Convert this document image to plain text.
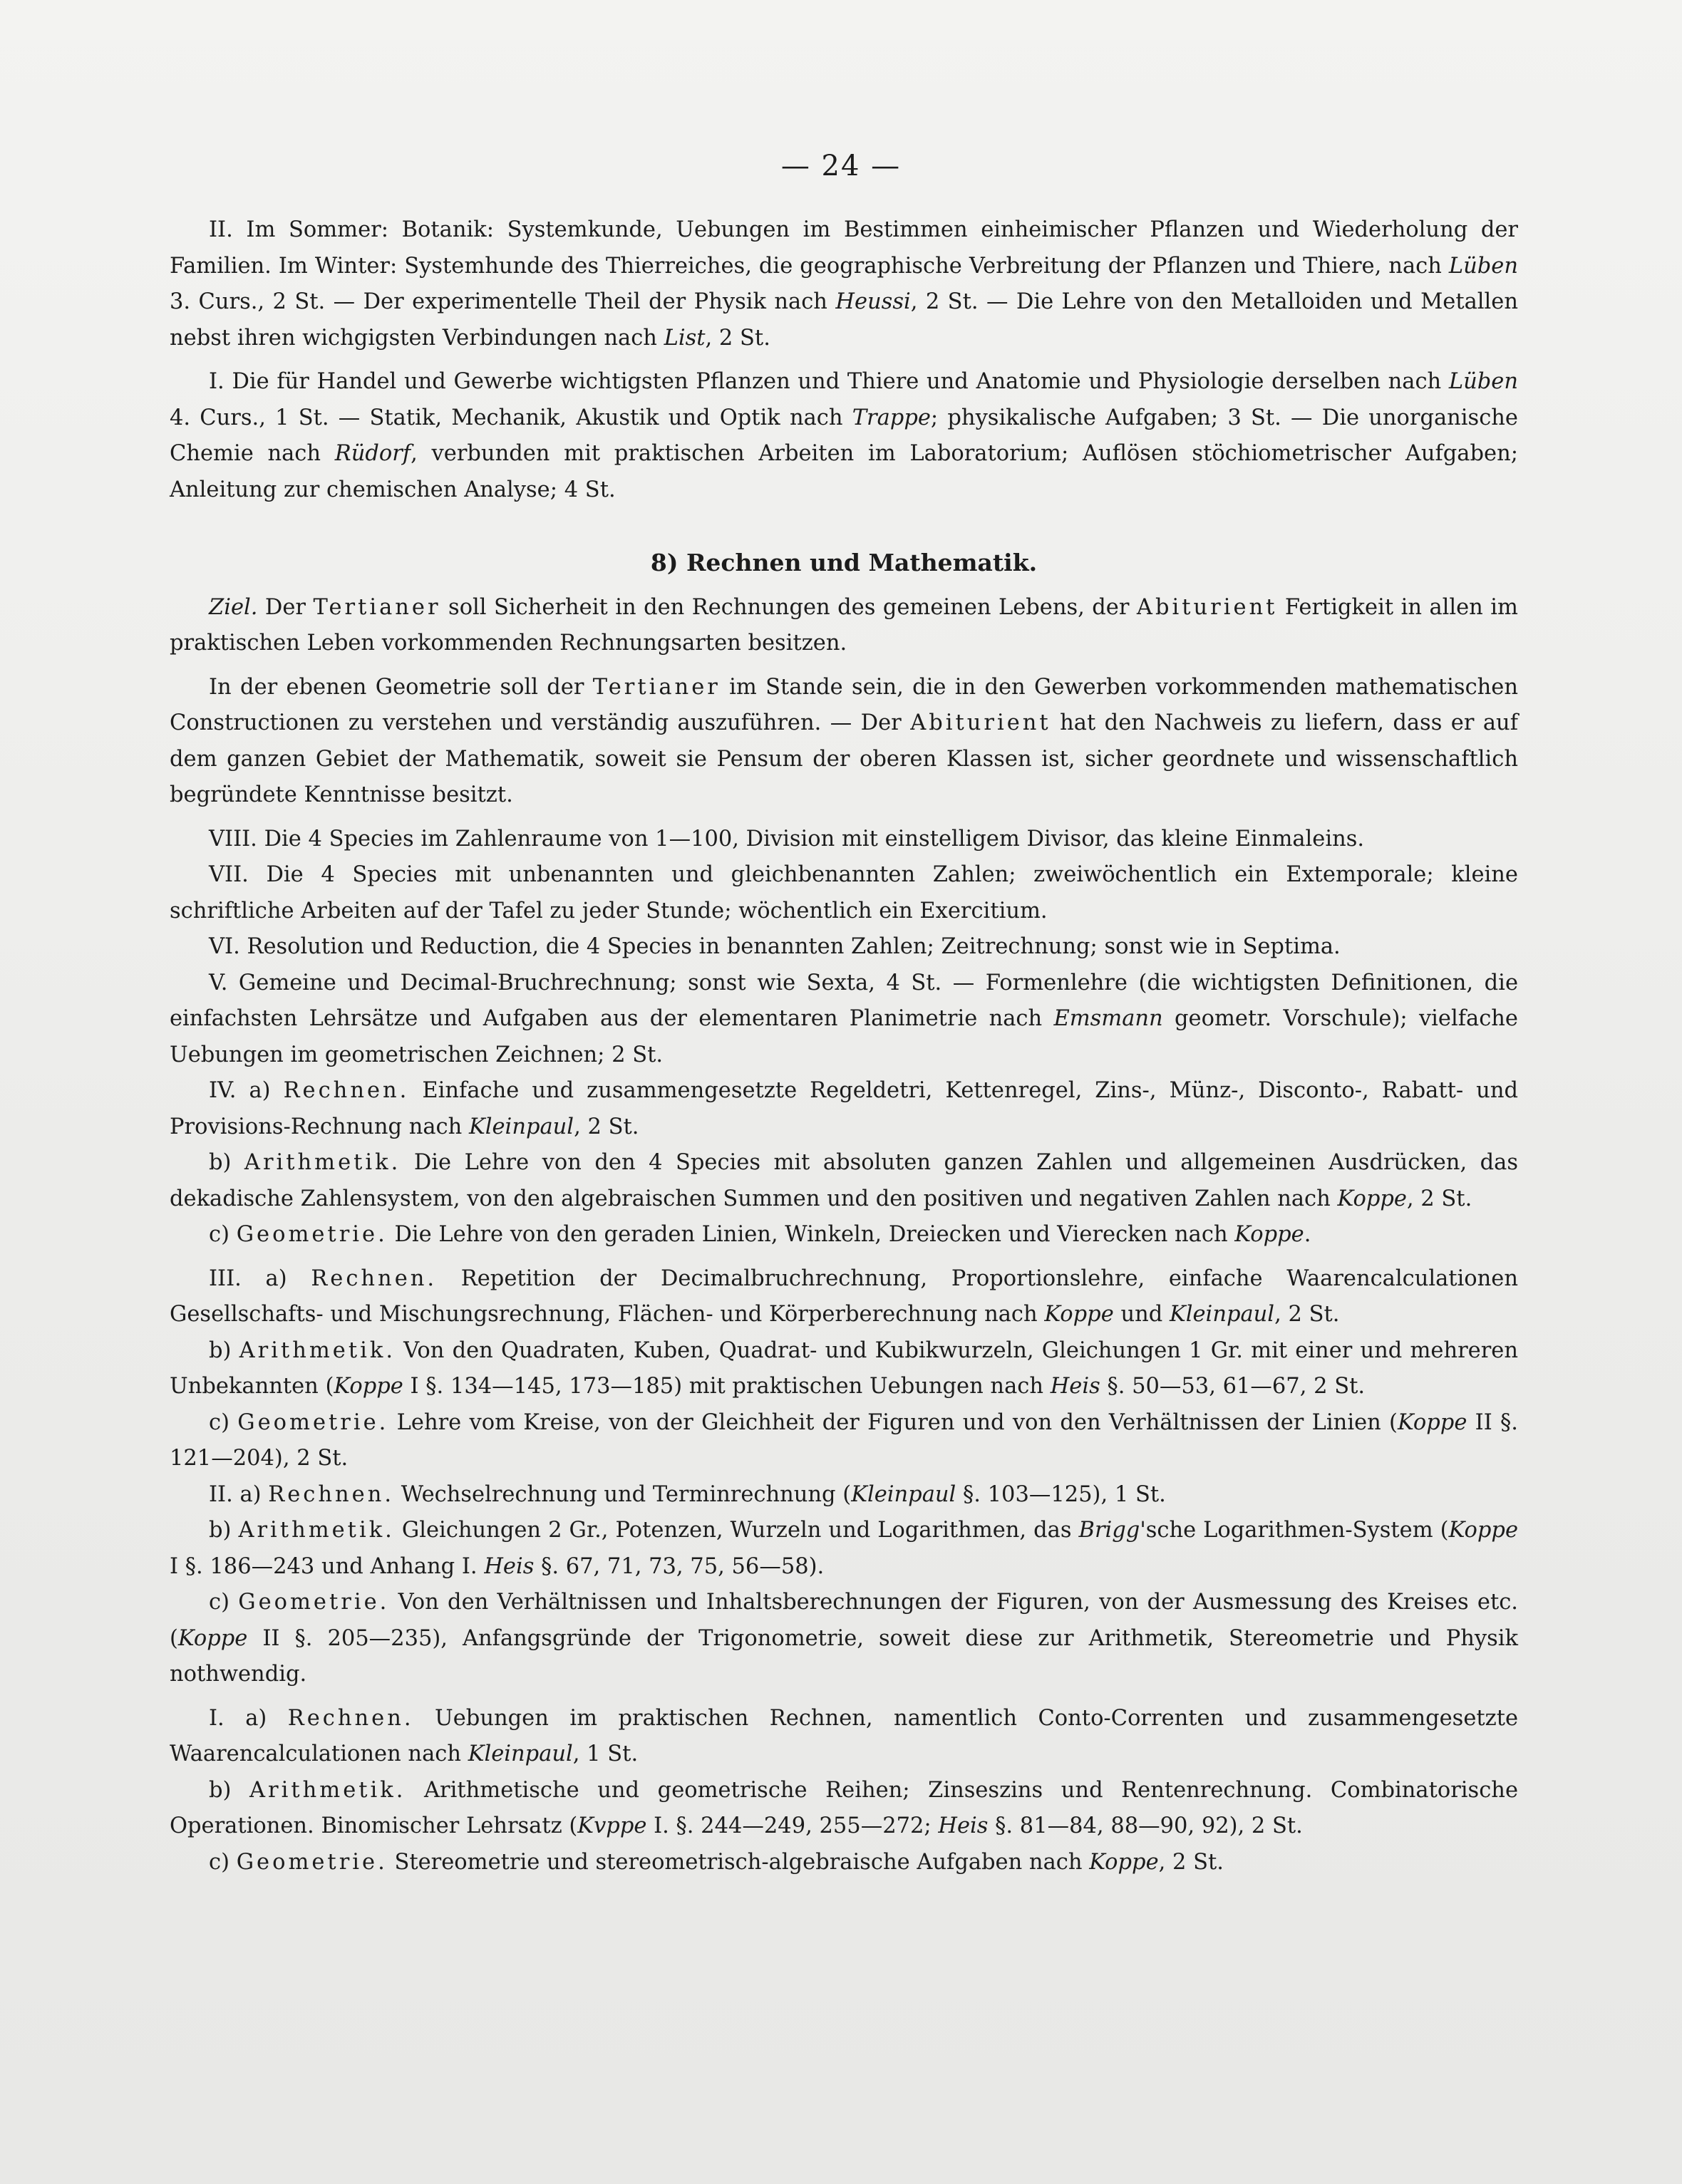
— 24 —

II. Im Sommer: Botanik: Systemkunde, Uebungen im Bestimmen einheimischer Pflanzen und Wiederholung der Familien. Im Winter: Systemhunde des Thierreiches, die geographische Verbreitung der Pflanzen und Thiere, nach Lüben 3. Curs., 2 St. — Der experimentelle Theil der Physik nach Heussi, 2 St. — Die Lehre von den Metalloiden und Metallen nebst ihren wichgigsten Verbindungen nach List, 2 St.

I. Die für Handel und Gewerbe wichtigsten Pflanzen und Thiere und Anatomie und Physiologie derselben nach Lüben 4. Curs., 1 St. — Statik, Mechanik, Akustik und Optik nach Trappe; physikalische Aufgaben; 3 St. — Die unorganische Chemie nach Rüdorf, verbunden mit praktischen Arbeiten im Laboratorium; Auflösen stöchiometrischer Aufgaben; Anleitung zur chemischen Analyse; 4 St.

8) Rechnen und Mathematik.

Ziel. Der Tertianer soll Sicherheit in den Rechnungen des gemeinen Lebens, der Abiturient Fertigkeit in allen im praktischen Leben vorkommenden Rechnungsarten besitzen.

In der ebenen Geometrie soll der Tertianer im Stande sein, die in den Gewerben vorkommenden mathematischen Constructionen zu verstehen und verständig auszuführen. — Der Abiturient hat den Nachweis zu liefern, dass er auf dem ganzen Gebiet der Mathematik, soweit sie Pensum der oberen Klassen ist, sicher geordnete und wissenschaftlich begründete Kenntnisse besitzt.

VIII. Die 4 Species im Zahlenraume von 1—100, Division mit einstelligem Divisor, das kleine Einmaleins.

VII. Die 4 Species mit unbenannten und gleichbenannten Zahlen; zweiwöchentlich ein Extemporale; kleine schriftliche Arbeiten auf der Tafel zu jeder Stunde; wöchentlich ein Exercitium.

VI. Resolution und Reduction, die 4 Species in benannten Zahlen; Zeitrechnung; sonst wie in Septima.

V. Gemeine und Decimal-Bruchrechnung; sonst wie Sexta, 4 St. — Formenlehre (die wichtigsten Definitionen, die einfachsten Lehrsätze und Aufgaben aus der elementaren Planimetrie nach Emsmann geometr. Vorschule); vielfache Uebungen im geometrischen Zeichnen; 2 St.

IV. a) Rechnen. Einfache und zusammengesetzte Regeldetri, Kettenregel, Zins-, Münz-, Disconto-, Rabatt- und Provisions-Rechnung nach Kleinpaul, 2 St.

b) Arithmetik. Die Lehre von den 4 Species mit absoluten ganzen Zahlen und allgemeinen Ausdrücken, das dekadische Zahlensystem, von den algebraischen Summen und den positiven und negativen Zahlen nach Koppe, 2 St.

c) Geometrie. Die Lehre von den geraden Linien, Winkeln, Dreiecken und Vierecken nach Koppe.

III. a) Rechnen. Repetition der Decimalbruchrechnung, Proportionslehre, einfache Waarencalculationen Gesellschafts- und Mischungsrechnung, Flächen- und Körperberechnung nach Koppe und Kleinpaul, 2 St.

b) Arithmetik. Von den Quadraten, Kuben, Quadrat- und Kubikwurzeln, Gleichungen 1 Gr. mit einer und mehreren Unbekannten (Koppe I §. 134—145, 173—185) mit praktischen Uebungen nach Heis §. 50—53, 61—67, 2 St.

c) Geometrie. Lehre vom Kreise, von der Gleichheit der Figuren und von den Verhältnissen der Linien (Koppe II §. 121—204), 2 St.

II. a) Rechnen. Wechselrechnung und Terminrechnung (Kleinpaul §. 103—125), 1 St.

b) Arithmetik. Gleichungen 2 Gr., Potenzen, Wurzeln und Logarithmen, das Brigg'sche Logarithmen-System (Koppe I §. 186—243 und Anhang I. Heis §. 67, 71, 73, 75, 56—58).

c) Geometrie. Von den Verhältnissen und Inhaltsberechnungen der Figuren, von der Ausmessung des Kreises etc. (Koppe II §. 205—235), Anfangsgründe der Trigonometrie, soweit diese zur Arithmetik, Stereometrie und Physik nothwendig.

I. a) Rechnen. Uebungen im praktischen Rechnen, namentlich Conto-Correnten und zusammengesetzte Waarencalculationen nach Kleinpaul, 1 St.

b) Arithmetik. Arithmetische und geometrische Reihen; Zinseszins und Rentenrechnung. Combinatorische Operationen. Binomischer Lehrsatz (Kvppe I. §. 244—249, 255—272; Heis §. 81—84, 88—90, 92), 2 St.

c) Geometrie. Stereometrie und stereometrisch-algebraische Aufgaben nach Koppe, 2 St.
